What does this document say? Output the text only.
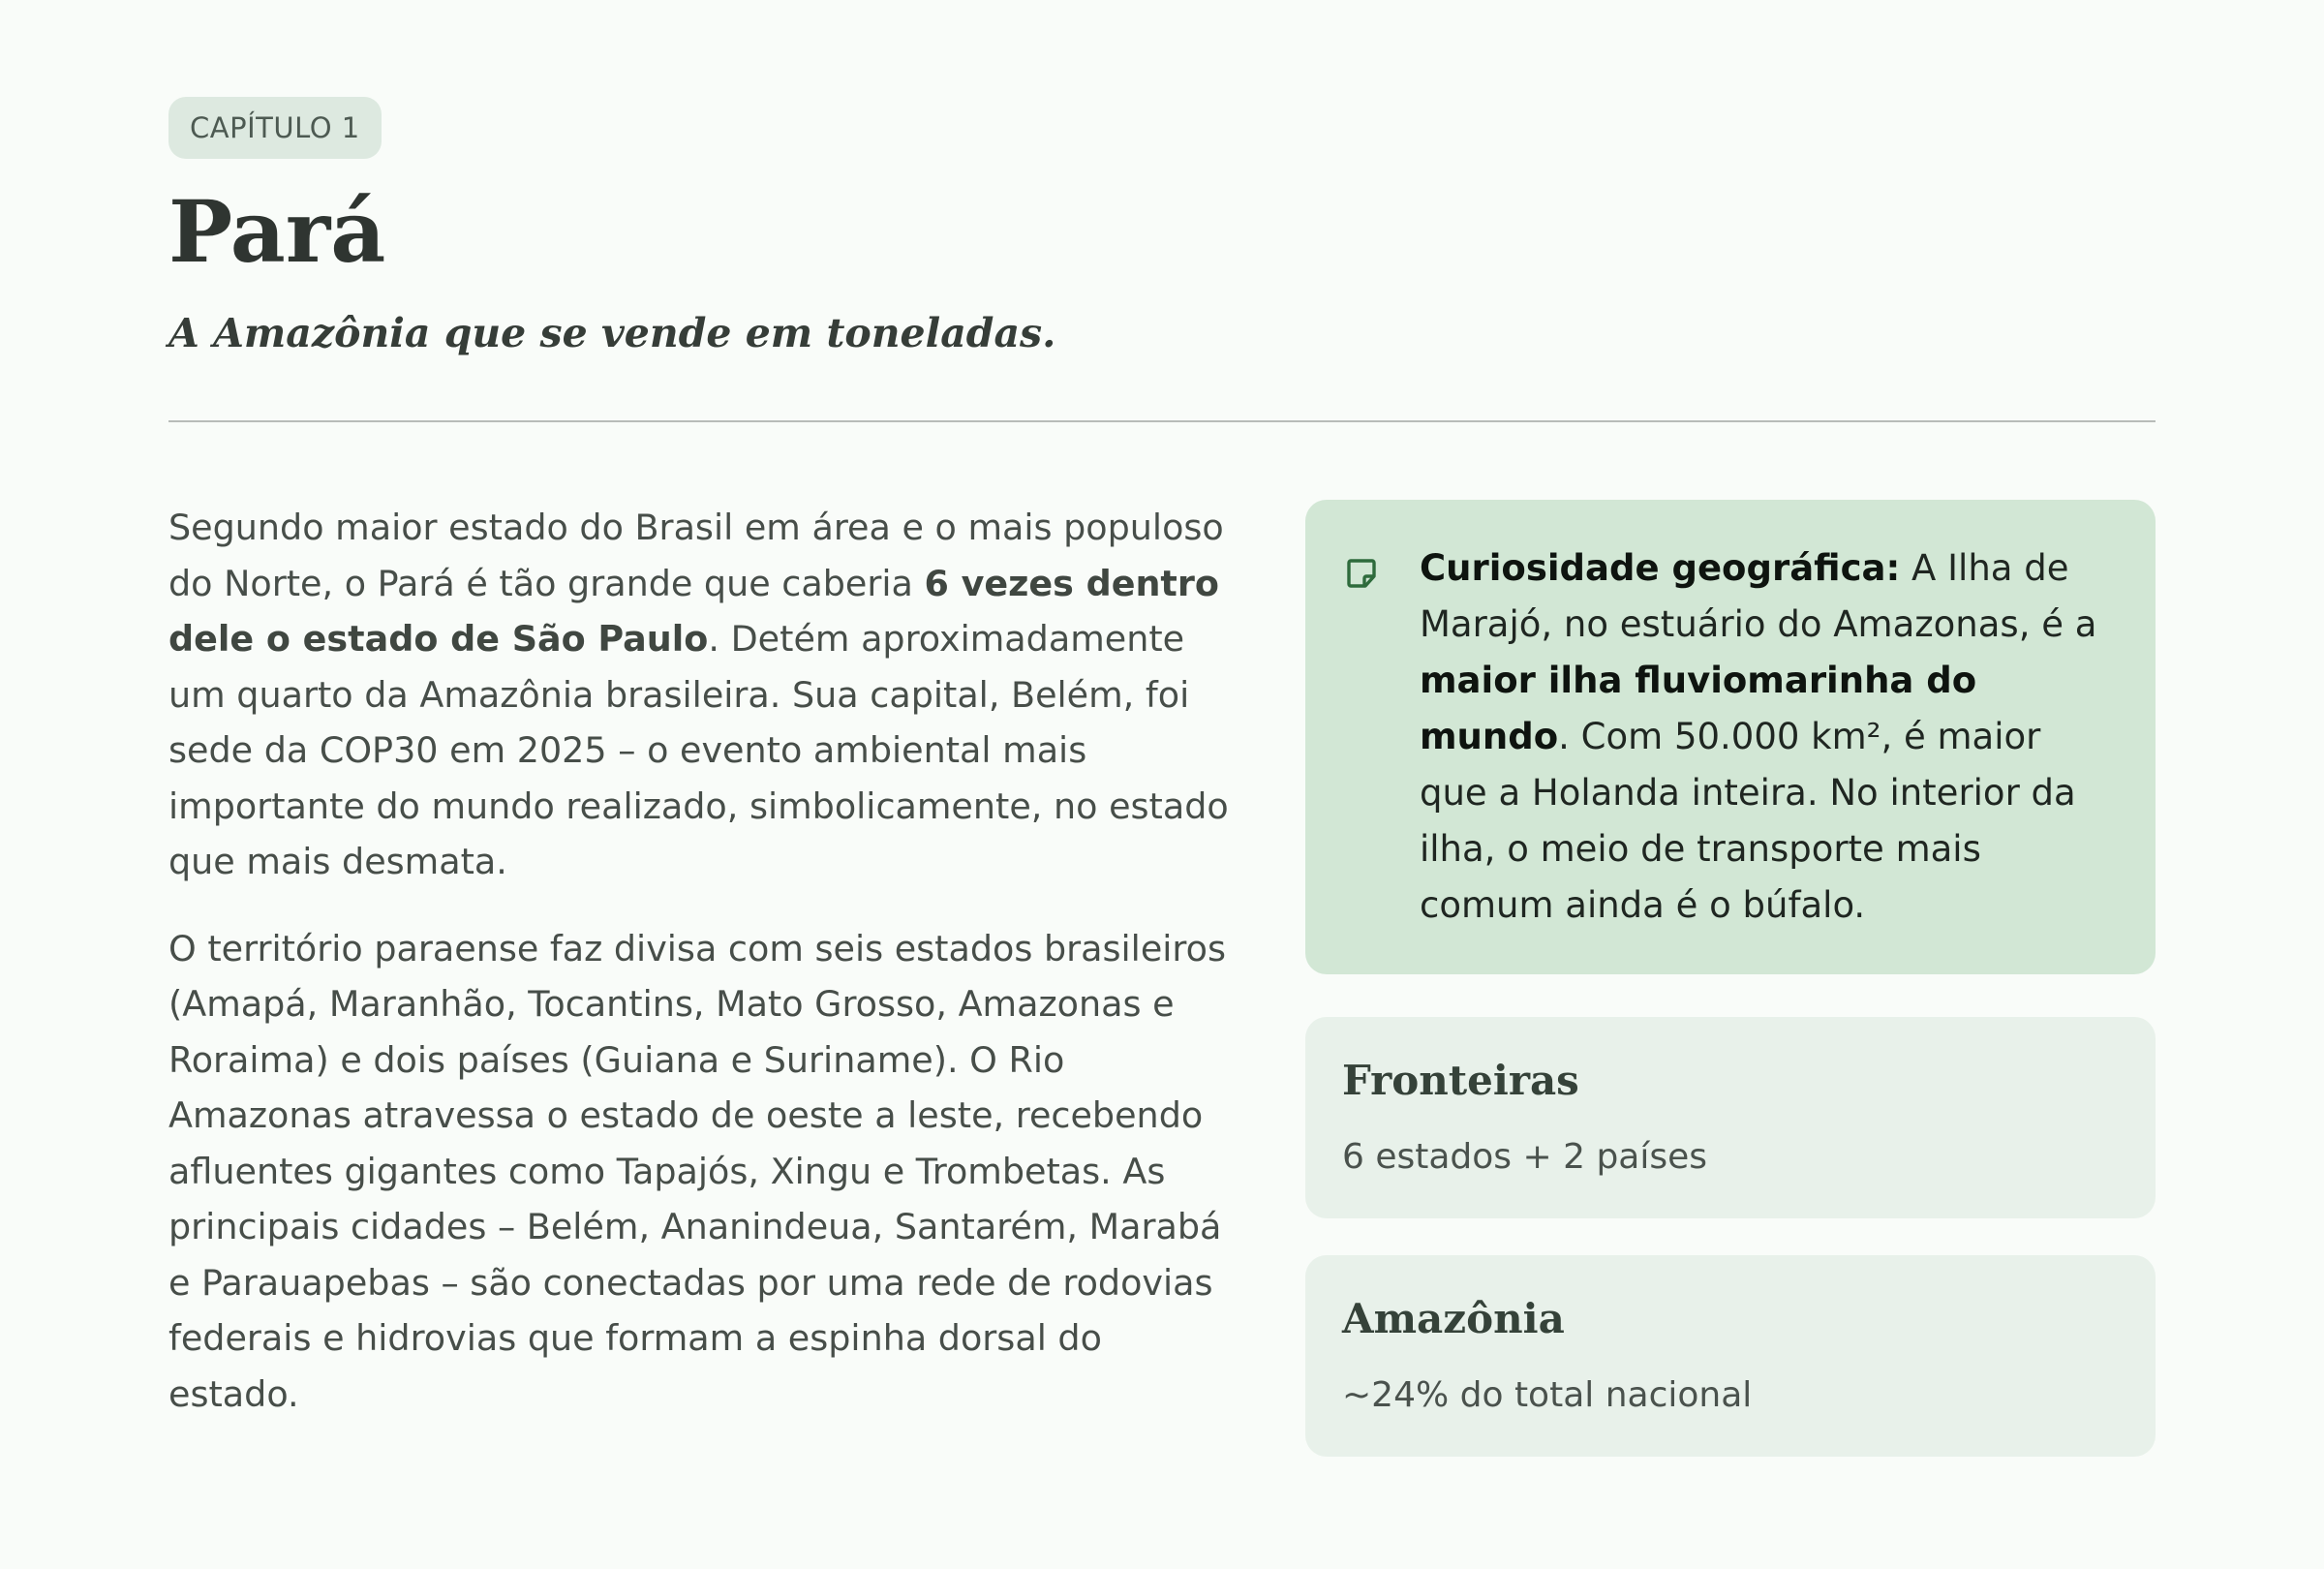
CAPÍTULO 1
Pará
A Amazônia que se vende em toneladas.

Segundo maior estado do Brasil em área e o mais populoso do Norte, o Pará é tão grande que caberia 6 vezes dentro dele o estado de São Paulo. Detém aproximadamente um quarto da Amazônia brasileira. Sua capital, Belém, foi sede da COP30 em 2025 – o evento ambiental mais importante do mundo realizado, simbolicamente, no estado que mais desmata.

O território paraense faz divisa com seis estados brasileiros (Amapá, Maranhão, Tocantins, Mato Grosso, Amazonas e Roraima) e dois países (Guiana e Suriname). O Rio Amazonas atravessa o estado de oeste a leste, recebendo afluentes gigantes como Tapajós, Xingu e Trombetas. As principais cidades – Belém, Ananindeua, Santarém, Marabá e Parauapebas – são conectadas por uma rede de rodovias federais e hidrovias que formam a espinha dorsal do estado.

Curiosidade geográfica: A Ilha de Marajó, no estuário do Amazonas, é a maior ilha fluviomarinha do mundo. Com 50.000 km², é maior que a Holanda inteira. No interior da ilha, o meio de transporte mais comum ainda é o búfalo.
Fronteiras
6 estados + 2 países
Amazônia
~24% do total nacional
